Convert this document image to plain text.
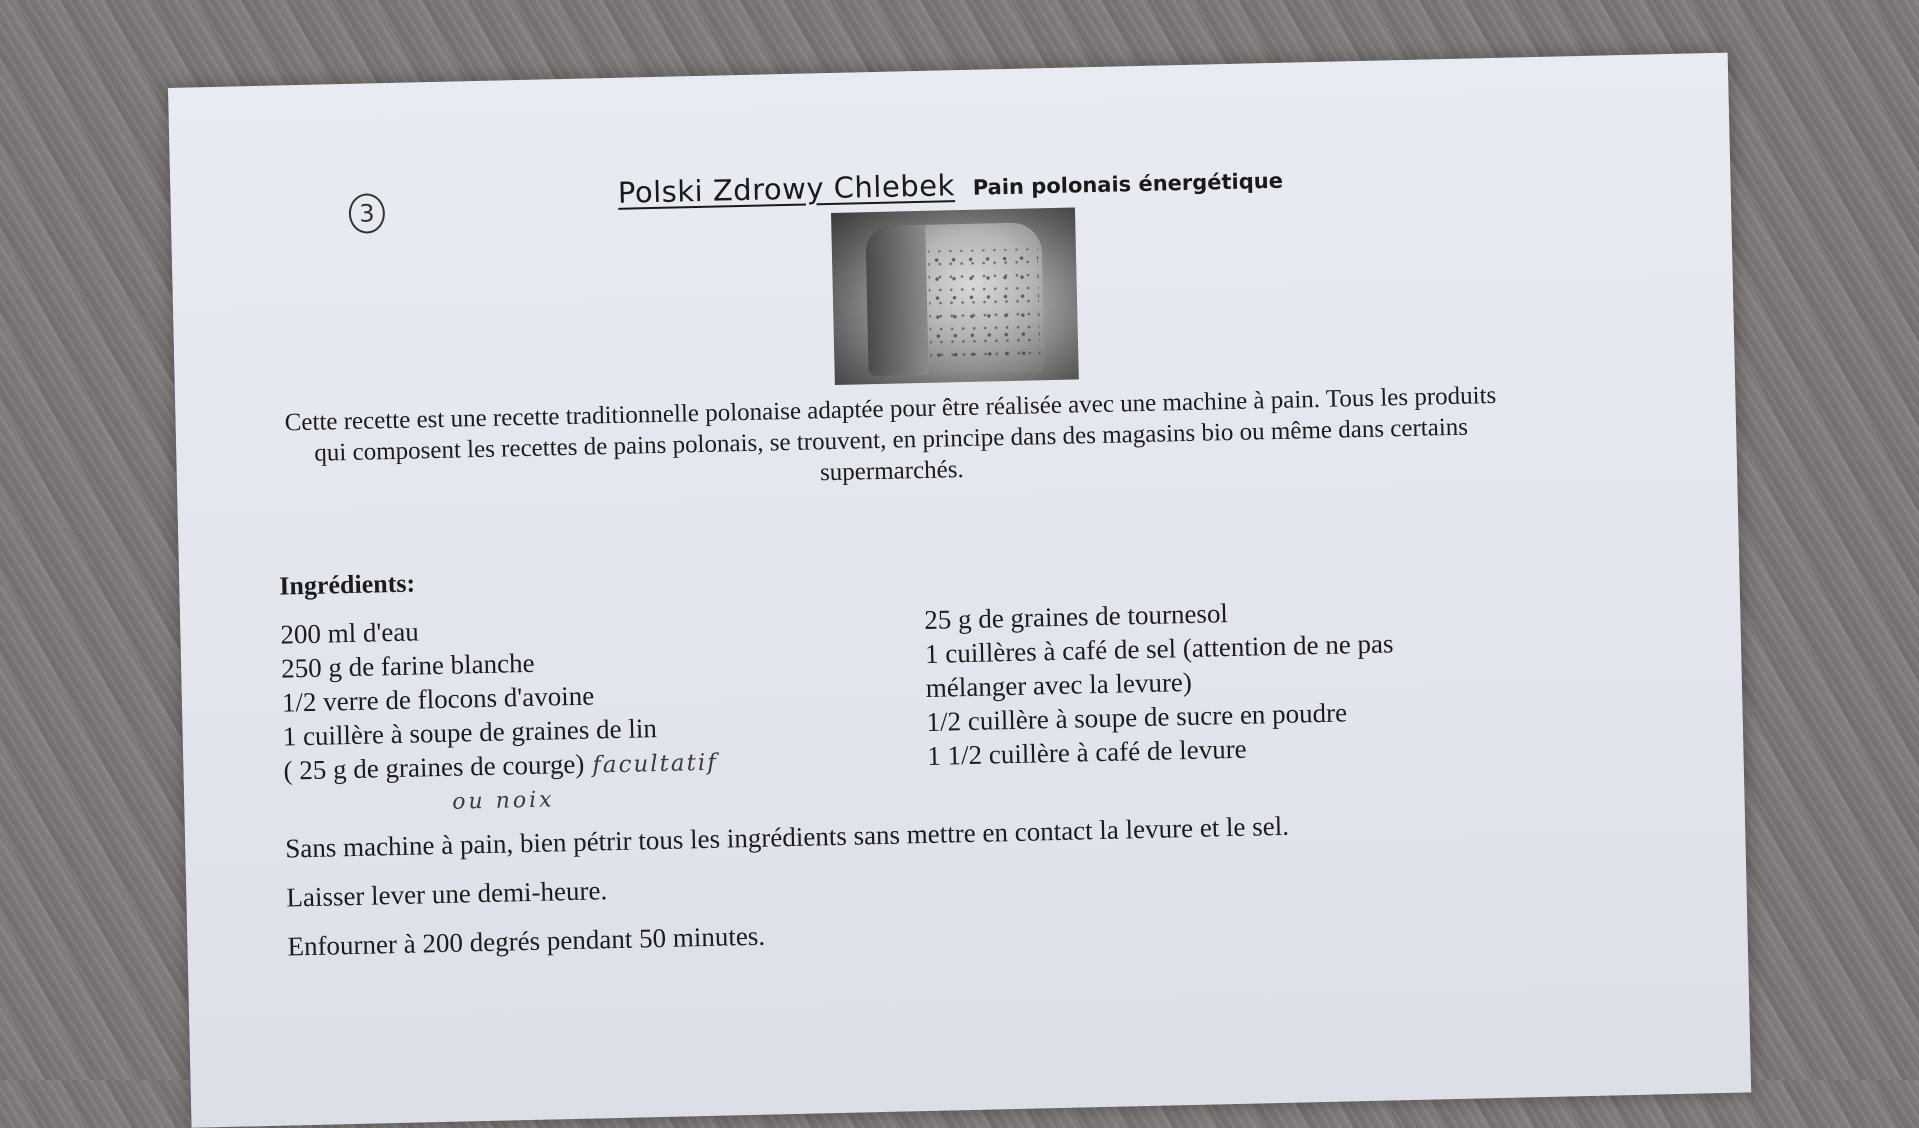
3
Polski Zdrowy Chlebek Pain polonais énergétique
Cette recette est une recette traditionnelle polonaise adaptée pour être réalisée avec une machine à pain. Tous les produits qui composent les recettes de pains polonais, se trouvent, en principe dans des magasins bio ou même dans certains supermarchés.
Ingrédients:
200 ml d'eau
250 g de farine blanche
1/2 verre de flocons d'avoine
1 cuillère à soupe de graines de lin
( 25 g de graines de courge) facultatif
ou noix
25 g de graines de tournesol
1 cuillères à café de sel (attention de ne pas mélanger avec la levure)
1/2 cuillère à soupe de sucre en poudre
1 1/2 cuillère à café de levure

Sans machine à pain, bien pétrir tous les ingrédients sans mettre en contact la levure et le sel.

Laisser lever une demi-heure.

Enfourner à 200 degrés pendant 50 minutes.
